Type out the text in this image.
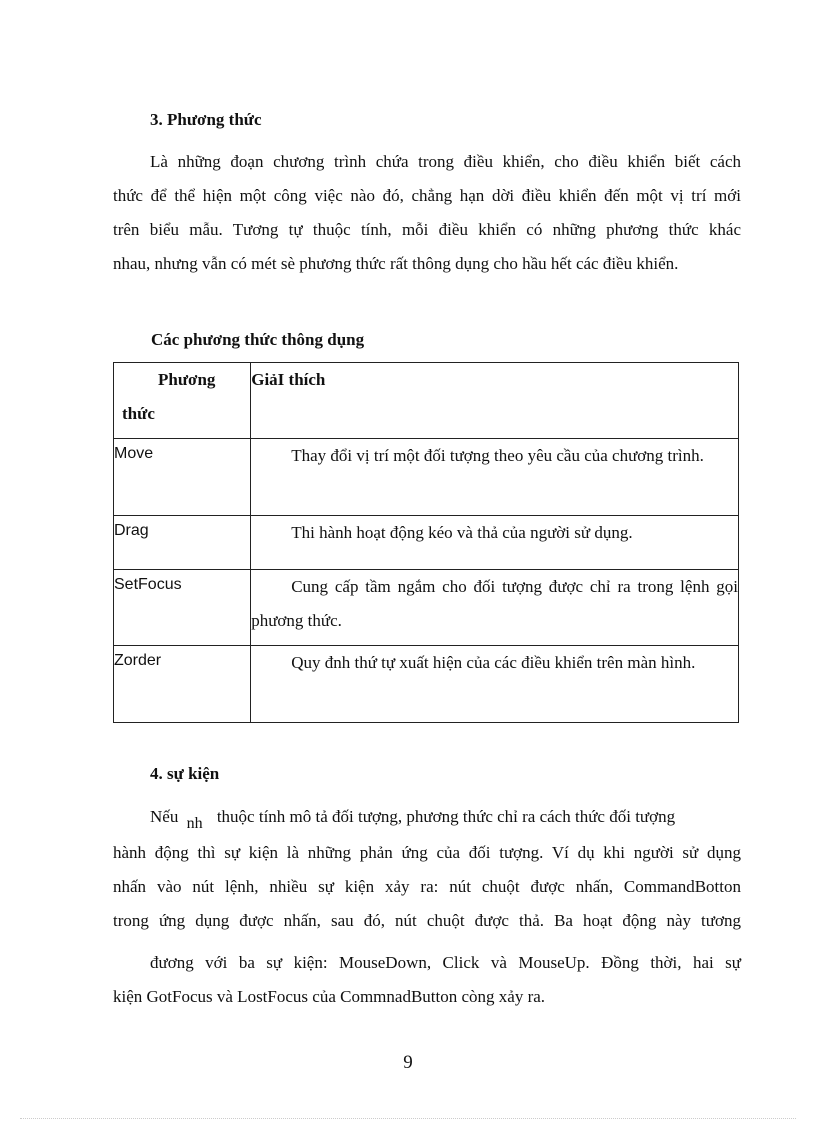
3. Phương thức
Là những đoạn chương trình chứa trong điều khiển, cho điều khiển biết cách
thức để thể hiện một công việc nào đó, chẳng hạn dời điều khiển đến một vị trí mới
trên biểu mẫu. Tương tự thuộc tính, mỗi điều khiển có những phương thức khác
nhau, nhưng vẫn có mét sè phương thức rất thông dụng cho hầu hết các điều khiển.
Các phương thức thông dụng
Phương
thức	GiảI thích
Move	Thay đổi vị trí một đối tượng theo yêu cầu của chương trình.
Drag	Thi hành hoạt động kéo và thả của người sử dụng.
SetFocus	Cung cấp tầm ngắm cho đối tượng được chỉ ra trong lệnh gọi phương thức.
Zorder	Quy đnh thứ tự xuất hiện của các điều khiển trên màn hình.
4. sự kiện
Nếu nh thuộc tính mô tả đối tượng, phương thức chỉ ra cách thức đối tượng
hành động thì sự kiện là những phản ứng của đối tượng. Ví dụ khi người sử dụng
nhấn vào nút lệnh, nhiều sự kiện xảy ra: nút chuột được nhấn, CommandBotton
trong ứng dụng được nhấn, sau đó, nút chuột được thả. Ba hoạt động này tương
đương với ba sự kiện: MouseDown, Click và MouseUp. Đồng thời, hai sự
kiện GotFocus và LostFocus của CommnadButton còng xảy ra.
9
